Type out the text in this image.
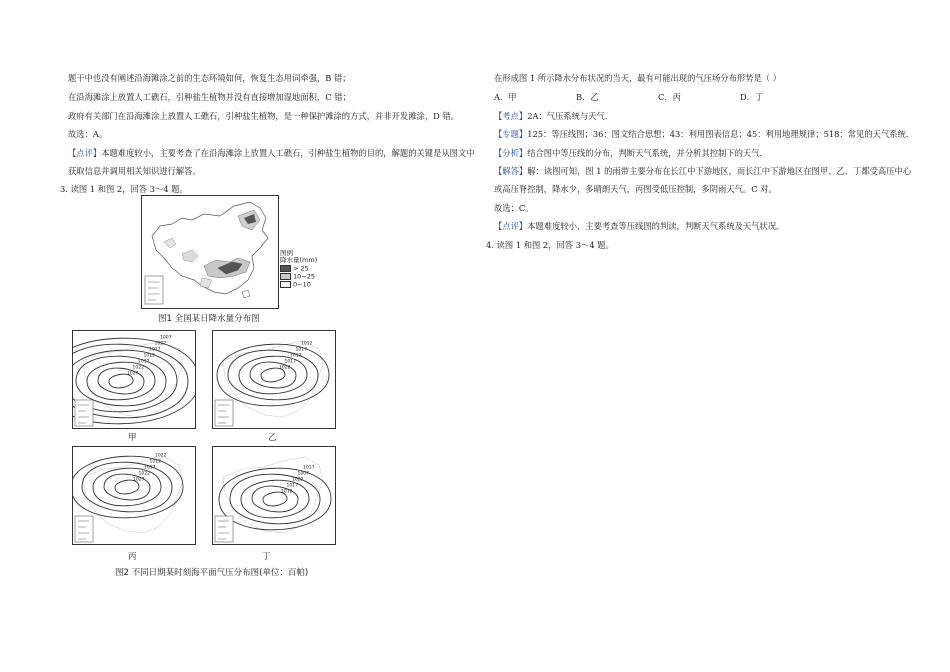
题干中也没有阐述沿海滩涂之前的生态环境如何，恢复生态用词牵强，B 错；
在沿海滩涂上放置人工礁石，引种盐生植物并没有直接增加湿地面积，C 错；
政府有关部门在沿海滩涂上放置人工礁石，引种盐生植物，是一种保护滩涂的方式，并非开发滩涂，D 错。
故选：A。
【点评】本题难度较小，主要考查了在沿海滩涂上放置人工礁石，引种盐生植物的目的，解题的关键是从图文中
获取信息并调用相关知识进行解答。
3. 读图 1 和图 2，回答 3～4 题。
图例
降水量(mm)
> 25
10~25
0~10
图1 全国某日降水量分布图
1027
1022
1017
1012
1017
1022
1007
甲
1022
1017
1012
1017
1012
乙
1027
1022
1017
1012
1022
丙
1012
1017
1022
1007
1017
丁
图2 不同日期某时刻海平面气压分布图(单位：百帕)
在形成图 1 所示降水分布状况的当天，最有可能出现的气压场分布形势是（ ）
A．甲	B．乙	C．丙	D．丁
【考点】2A：气压系统与天气．
【专题】125：等压线图；36：图文结合思想；43：利用图表信息；45：利用地理规律；518：常见的天气系统．
【分析】结合图中等压线的分布，判断天气系统，并分析其控制下的天气．
【解答】解：读图可知，图 1 的雨带主要分布在长江中下游地区，而长江中下游地区在图甲、乙、丁都受高压中心
或高压脊控制，降水少，多晴朗天气，丙图受低压控制，多阴雨天气。C 对。
故选：C。
【点评】本题难度较小，主要考查等压线图的判读，判断天气系统及天气状况。
4. 读图 1 和图 2，回答 3～4 题。
